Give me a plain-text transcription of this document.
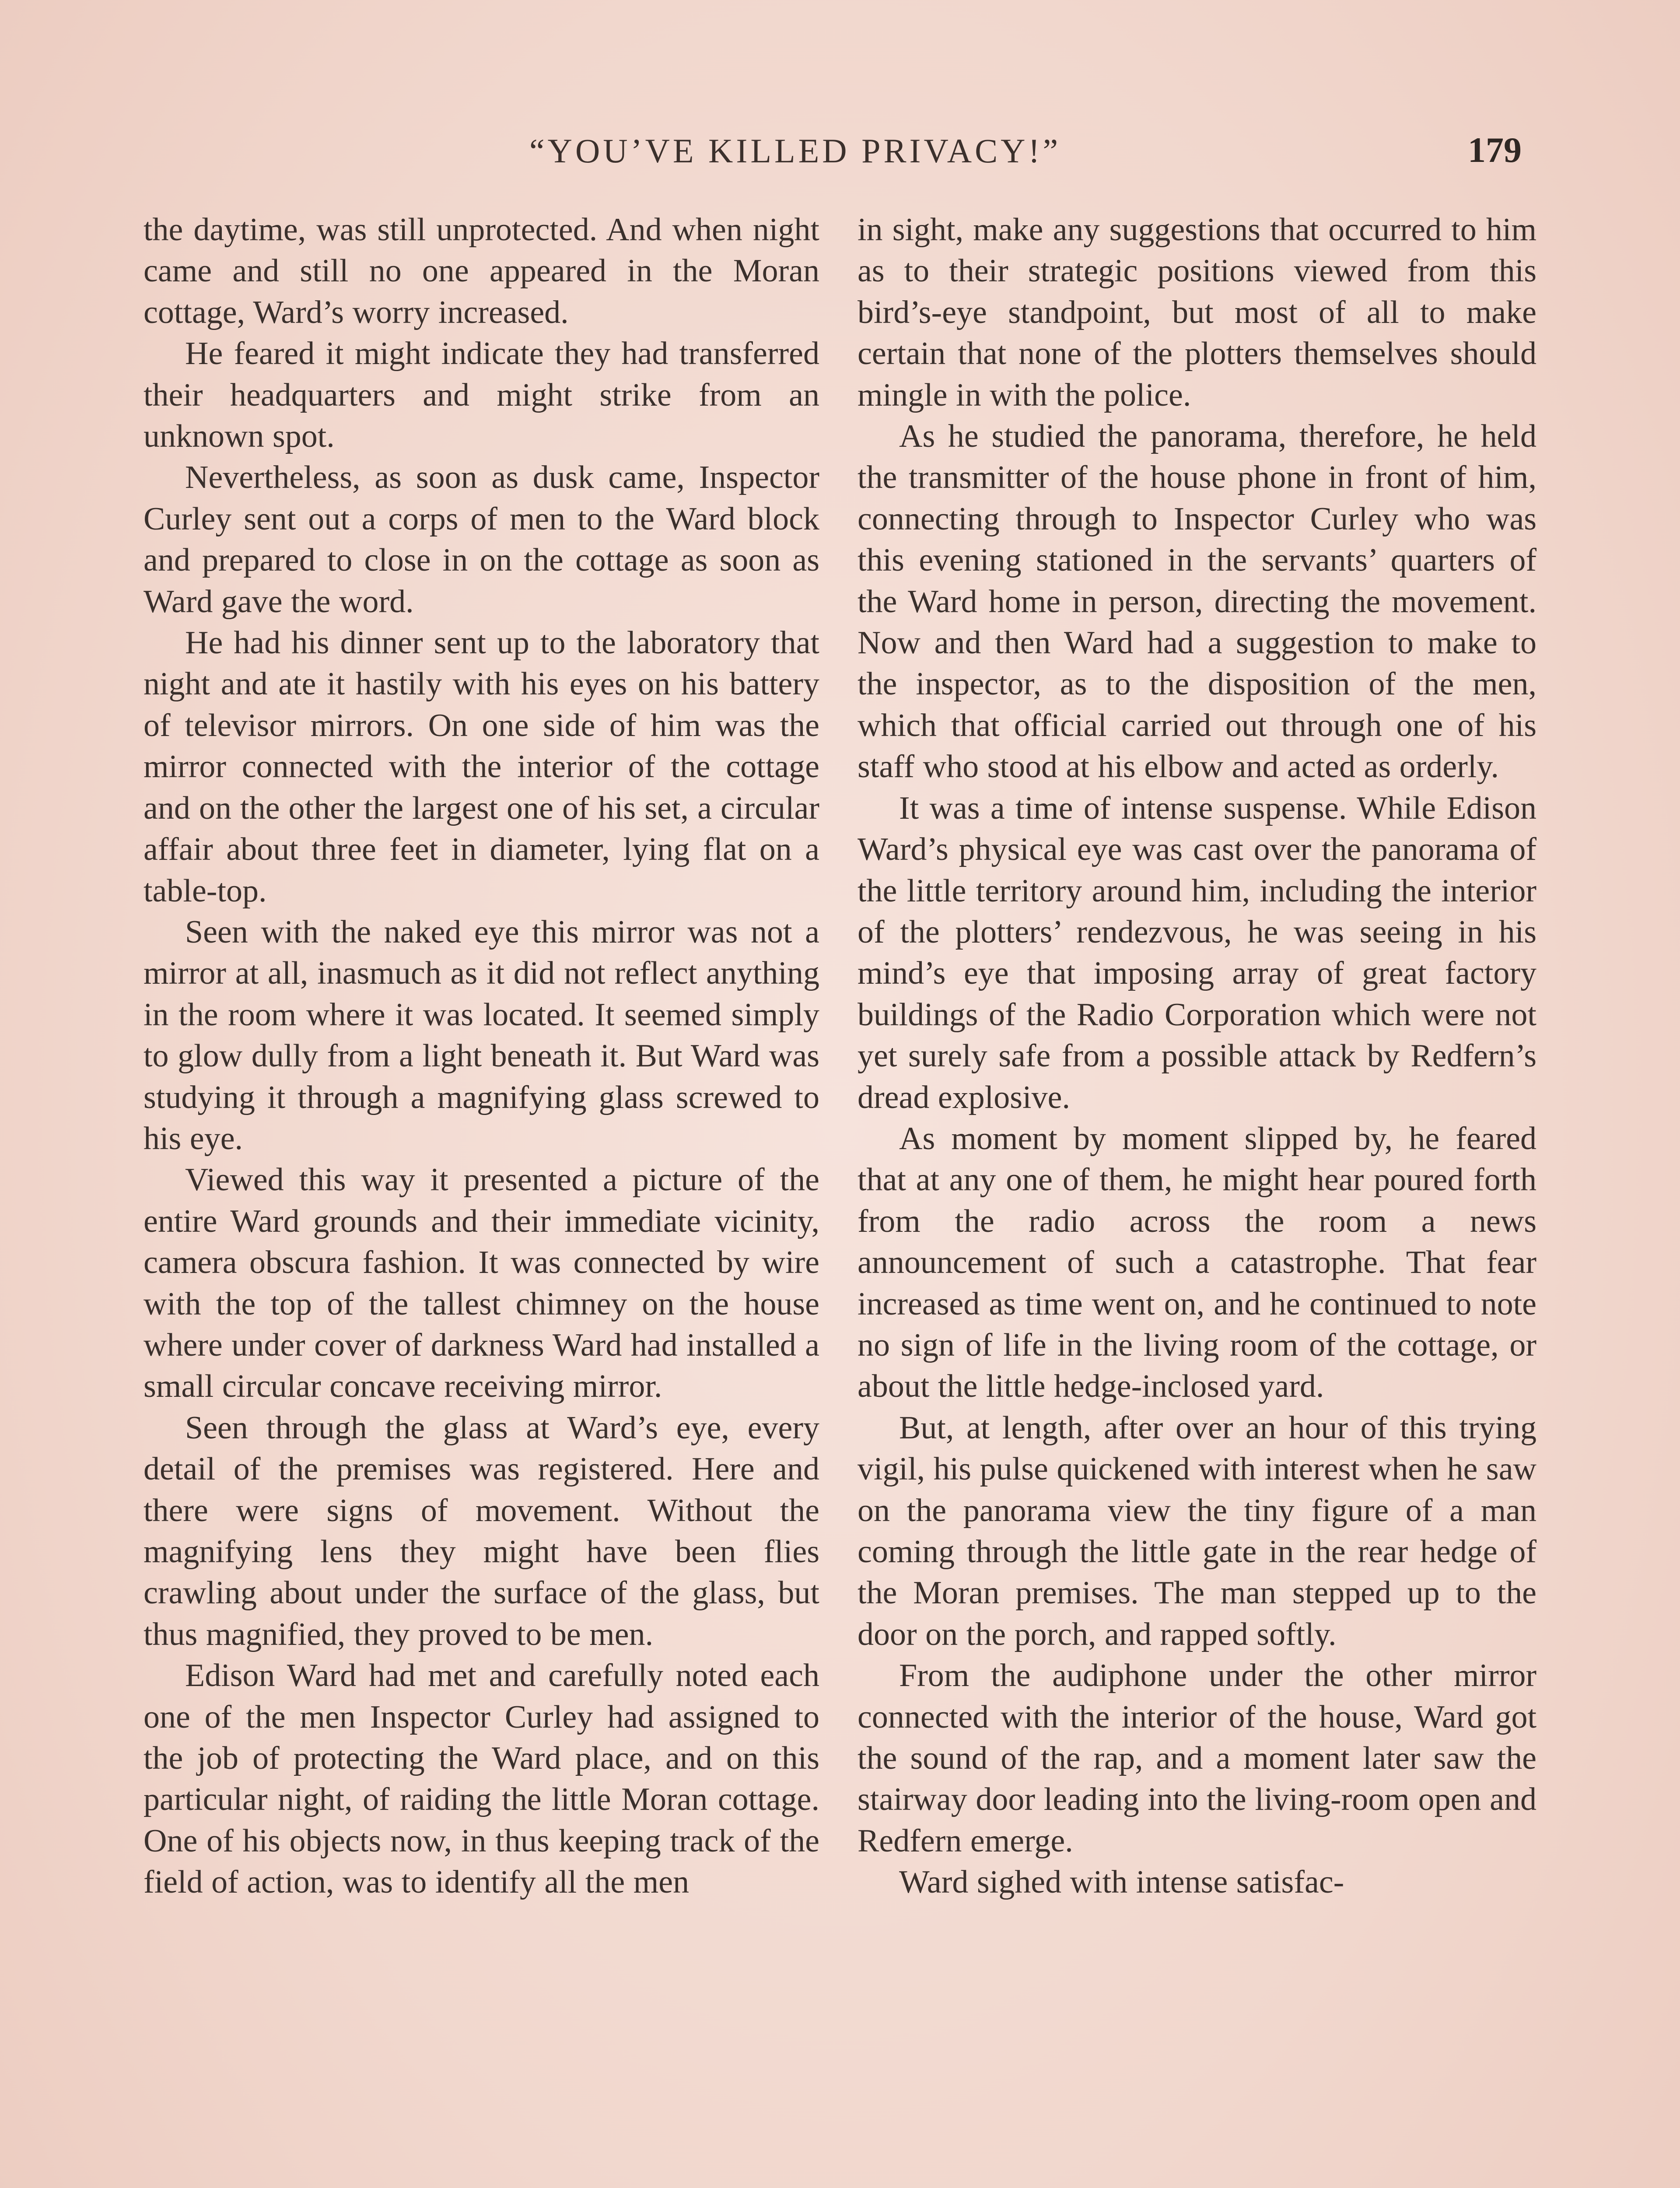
“YOU’VE KILLED PRIVACY!”	179

the daytime, was still unprotected. And when night came and still no one appeared in the Moran cottage, Ward’s worry increased.

He feared it might indicate they had transferred their headquarters and might strike from an unknown spot.

Nevertheless, as soon as dusk came, Inspector Curley sent out a corps of men to the Ward block and prepared to close in on the cottage as soon as Ward gave the word.

He had his dinner sent up to the laboratory that night and ate it hastily with his eyes on his battery of televisor mirrors. On one side of him was the mirror connected with the interior of the cottage and on the other the largest one of his set, a circular affair about three feet in diameter, lying flat on a table-top.

Seen with the naked eye this mirror was not a mirror at all, inasmuch as it did not reflect anything in the room where it was located. It seemed simply to glow dully from a light beneath it. But Ward was studying it through a magnifying glass screwed to his eye.

Viewed this way it presented a picture of the entire Ward grounds and their immediate vicinity, camera obscura fashion. It was connected by wire with the top of the tallest chimney on the house where under cover of darkness Ward had installed a small circular concave receiving mirror.

Seen through the glass at Ward’s eye, every detail of the premises was registered. Here and there were signs of movement. Without the magnifying lens they might have been flies crawling about under the surface of the glass, but thus magnified, they proved to be men.

Edison Ward had met and carefully noted each one of the men Inspector Curley had assigned to the job of protecting the Ward place, and on this particular night, of raiding the little Moran cottage. One of his objects now, in thus keeping track of the field of action, was to identify all the men

in sight, make any suggestions that occurred to him as to their strategic positions viewed from this bird’s-eye standpoint, but most of all to make certain that none of the plotters themselves should mingle in with the police.

As he studied the panorama, therefore, he held the transmitter of the house phone in front of him, connecting through to Inspector Curley who was this evening stationed in the servants’ quarters of the Ward home in person, directing the movement. Now and then Ward had a suggestion to make to the inspector, as to the disposition of the men, which that official carried out through one of his staff who stood at his elbow and acted as orderly.

It was a time of intense suspense. While Edison Ward’s physical eye was cast over the panorama of the little territory around him, including the interior of the plotters’ rendezvous, he was seeing in his mind’s eye that imposing array of great factory buildings of the Radio Corporation which were not yet surely safe from a possible attack by Redfern’s dread explosive.

As moment by moment slipped by, he feared that at any one of them, he might hear poured forth from the radio across the room a news announcement of such a catastrophe. That fear increased as time went on, and he continued to note no sign of life in the living room of the cottage, or about the little hedge-inclosed yard.

But, at length, after over an hour of this trying vigil, his pulse quickened with interest when he saw on the panorama view the tiny figure of a man coming through the little gate in the rear hedge of the Moran premises. The man stepped up to the door on the porch, and rapped softly.

From the audiphone under the other mirror connected with the interior of the house, Ward got the sound of the rap, and a moment later saw the stairway door leading into the living-room open and Redfern emerge.

Ward sighed with intense satisfac-
